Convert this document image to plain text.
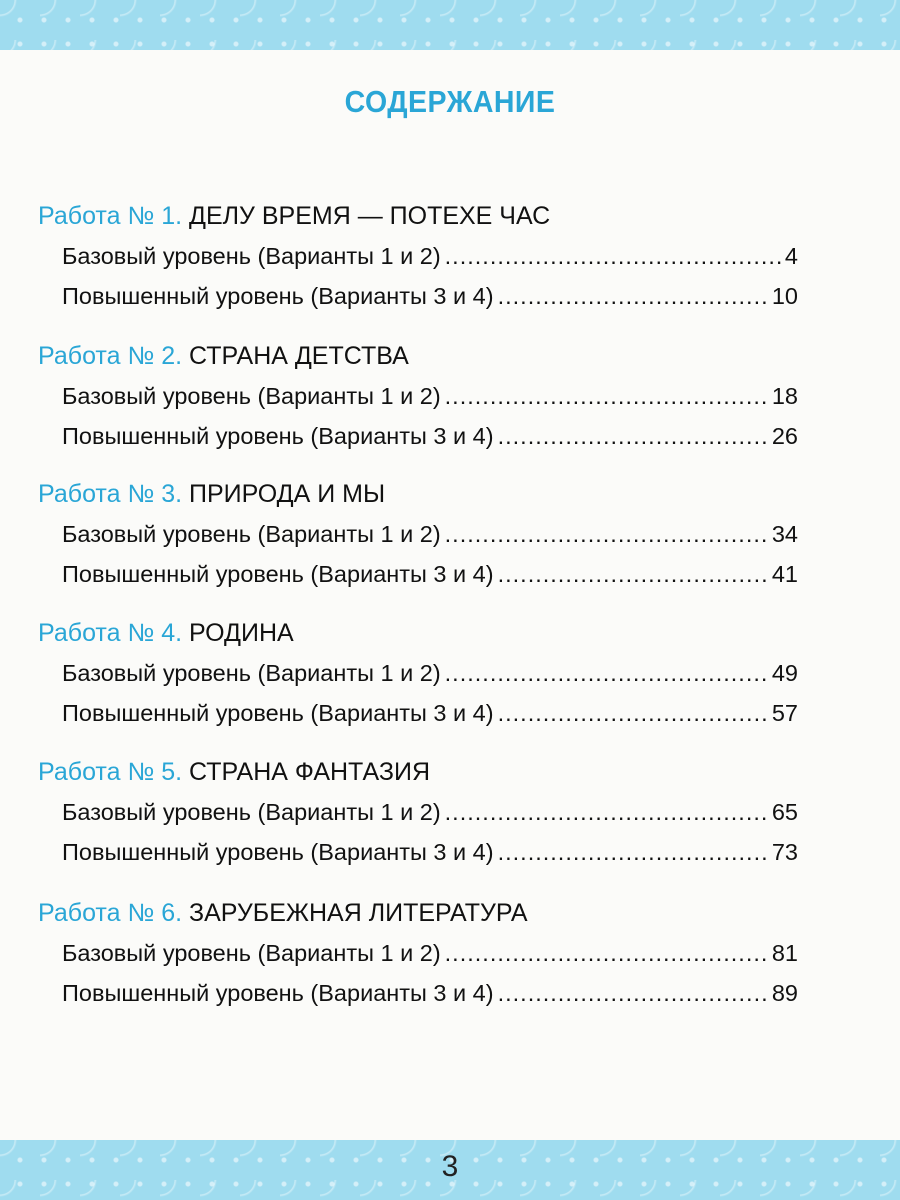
СОДЕРЖАНИЕ
Работа № 1. ДЕЛУ ВРЕМЯ — ПОТЕХЕ ЧАС
Базовый уровень (Варианты 1 и 2) .....	4
Повышенный уровень (Варианты 3 и 4) .....	10
Работа № 2. СТРАНА ДЕТСТВА
Базовый уровень (Варианты 1 и 2) .....	18
Повышенный уровень (Варианты 3 и 4) .....	26
Работа № 3. ПРИРОДА И МЫ
Базовый уровень (Варианты 1 и 2) .....	34
Повышенный уровень (Варианты 3 и 4) .....	41
Работа № 4. РОДИНА
Базовый уровень (Варианты 1 и 2) .....	49
Повышенный уровень (Варианты 3 и 4) .....	57
Работа № 5. СТРАНА ФАНТАЗИЯ
Базовый уровень (Варианты 1 и 2) .....	65
Повышенный уровень (Варианты 3 и 4) .....	73
Работа № 6. ЗАРУБЕЖНАЯ ЛИТЕРАТУРА
Базовый уровень (Варианты 1 и 2) .....	81
Повышенный уровень (Варианты 3 и 4) .....	89
3
